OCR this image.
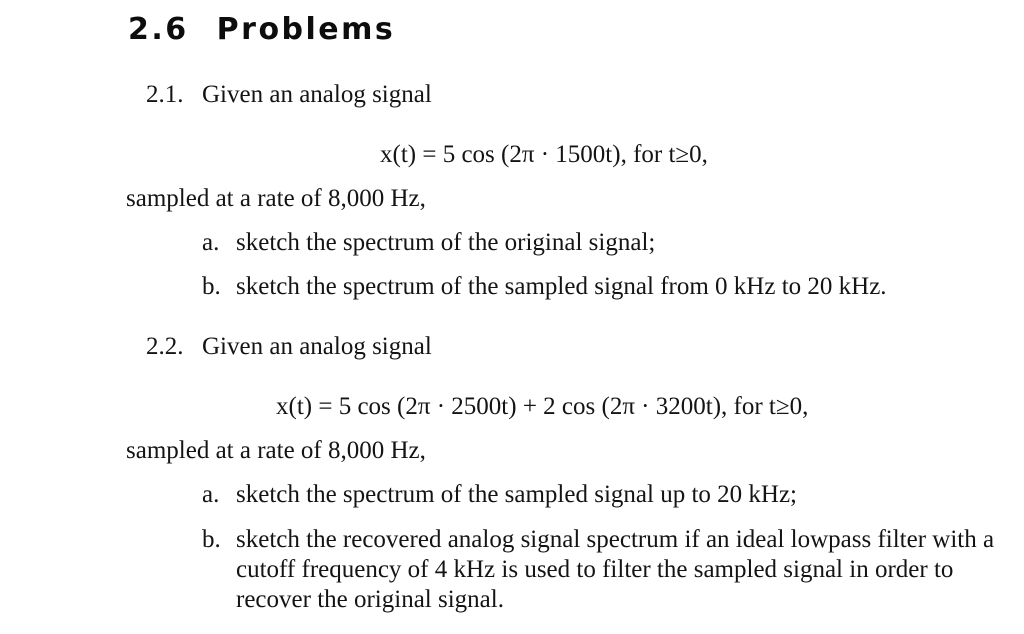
2.6 Problems
2.1. Given an analog signal
x(t) = 5 cos (2π · 1500t), for t≥0,
sampled at a rate of 8,000 Hz,
a. sketch the spectrum of the original signal;
b. sketch the spectrum of the sampled signal from 0 kHz to 20 kHz.
2.2. Given an analog signal
x(t) = 5 cos (2π · 2500t) + 2 cos (2π · 3200t), for t≥0,
sampled at a rate of 8,000 Hz,
a. sketch the spectrum of the sampled signal up to 20 kHz;
b. sketch the recovered analog signal spectrum if an ideal lowpass filter with a cutoff frequency of 4 kHz is used to filter the sampled signal in order to recover the original signal.
